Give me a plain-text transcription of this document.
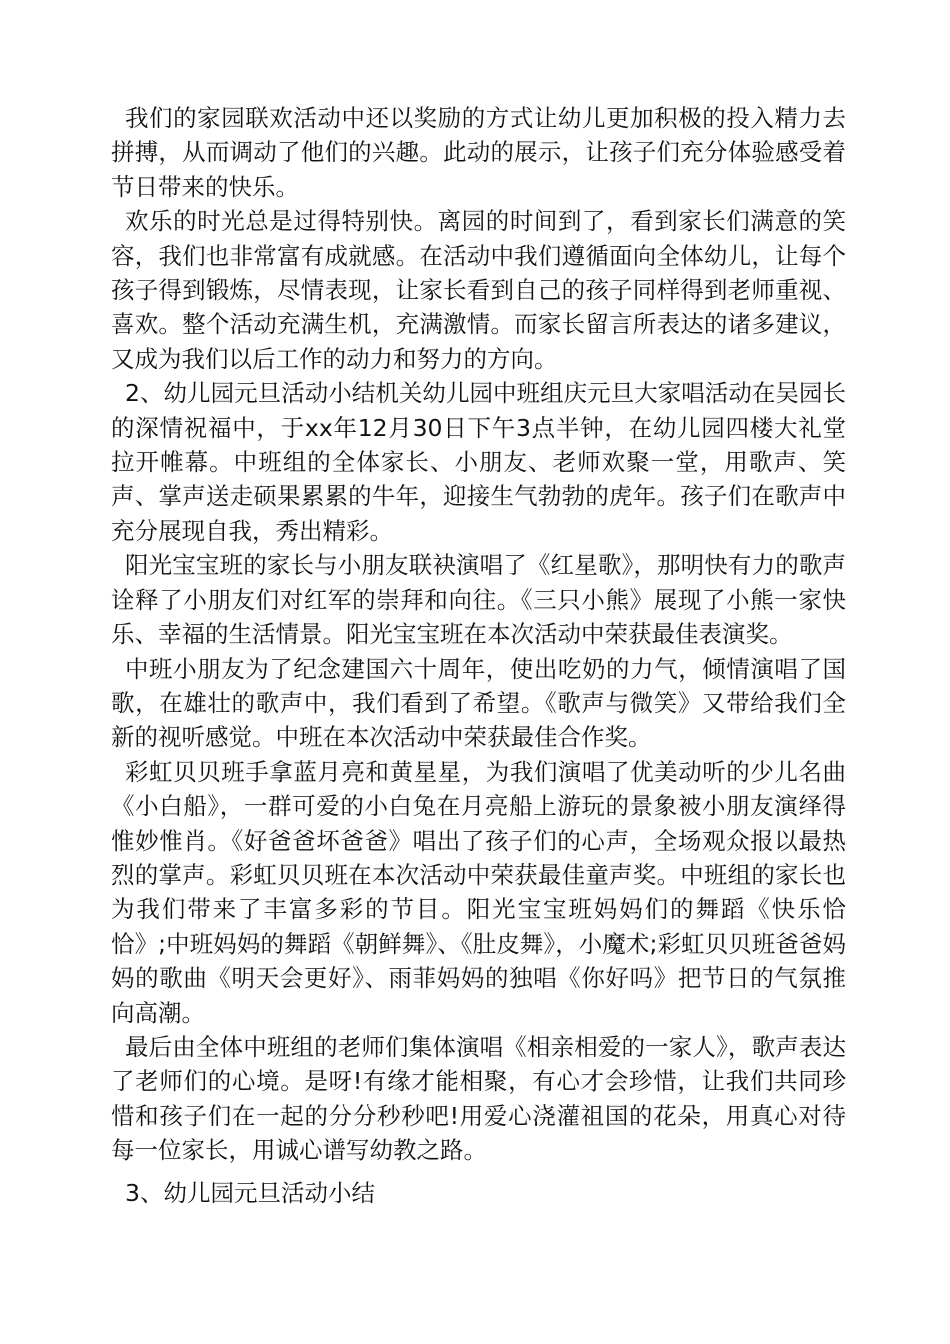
我们的家园联欢活动中还以奖励的方式让幼儿更加积极的投入精力去拼搏，从而调动了他们的兴趣。此动的展示，让孩子们充分体验感受着节日带来的快乐。

欢乐的时光总是过得特别快。离园的时间到了，看到家长们满意的笑容，我们也非常富有成就感。在活动中我们遵循面向全体幼儿，让每个孩子得到锻炼，尽情表现，让家长看到自己的孩子同样得到老师重视、喜欢。整个活动充满生机，充满激情。而家长留言所表达的诸多建议，又成为我们以后工作的动力和努力的方向。

2、幼儿园元旦活动小结机关幼儿园中班组庆元旦大家唱活动在吴园长的深情祝福中，于xx年12月30日下午3点半钟，在幼儿园四楼大礼堂拉开帷幕。中班组的全体家长、小朋友、老师欢聚一堂，用歌声、笑声、掌声送走硕果累累的牛年，迎接生气勃勃的虎年。孩子们在歌声中充分展现自我，秀出精彩。

阳光宝宝班的家长与小朋友联袂演唱了《红星歌》，那明快有力的歌声诠释了小朋友们对红军的崇拜和向往。《三只小熊》展现了小熊一家快乐、幸福的生活情景。阳光宝宝班在本次活动中荣获最佳表演奖。

中班小朋友为了纪念建国六十周年，使出吃奶的力气，倾情演唱了国歌，在雄壮的歌声中，我们看到了希望。《歌声与微笑》又带给我们全新的视听感觉。中班在本次活动中荣获最佳合作奖。

彩虹贝贝班手拿蓝月亮和黄星星，为我们演唱了优美动听的少儿名曲《小白船》，一群可爱的小白兔在月亮船上游玩的景象被小朋友演绎得惟妙惟肖。《好爸爸坏爸爸》唱出了孩子们的心声，全场观众报以最热烈的掌声。彩虹贝贝班在本次活动中荣获最佳童声奖。中班组的家长也为我们带来了丰富多彩的节目。阳光宝宝班妈妈们的舞蹈《快乐恰恰》;中班妈妈的舞蹈《朝鲜舞》、《肚皮舞》，小魔术;彩虹贝贝班爸爸妈妈的歌曲《明天会更好》、雨菲妈妈的独唱《你好吗》把节日的气氛推向高潮。

最后由全体中班组的老师们集体演唱《相亲相爱的一家人》，歌声表达了老师们的心境。是呀!有缘才能相聚，有心才会珍惜，让我们共同珍惜和孩子们在一起的分分秒秒吧!用爱心浇灌祖国的花朵，用真心对待每一位家长，用诚心谱写幼教之路。

3、幼儿园元旦活动小结
